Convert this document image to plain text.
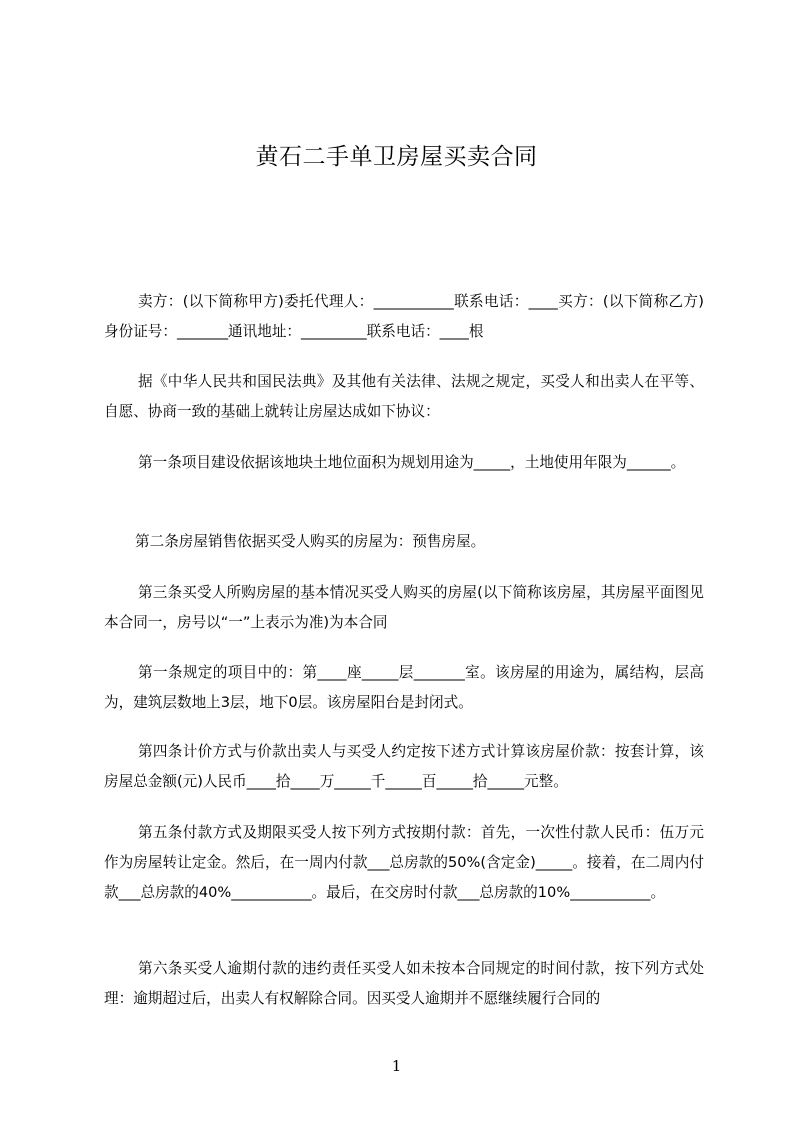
黄石二手单卫房屋买卖合同
卖方：(以下简称甲方)委托代理人：___________联系电话：____买方：(以下简称乙方)身份证号：_______通讯地址：_________联系电话：____根
据《中华人民共和国民法典》及其他有关法律、法规之规定，买受人和出卖人在平等、自愿、协商一致的基础上就转让房屋达成如下协议：
第一条项目建设依据该地块土地位面积为规划用途为_____，土地使用年限为______。
第二条房屋销售依据买受人购买的房屋为：预售房屋。
第三条买受人所购房屋的基本情况买受人购买的房屋(以下简称该房屋，其房屋平面图见本合同一，房号以“一”上表示为准)为本合同
第一条规定的项目中的：第____座_____层_______室。该房屋的用途为，属结构，层高为，建筑层数地上3层，地下0层。该房屋阳台是封闭式。
第四条计价方式与价款出卖人与买受人约定按下述方式计算该房屋价款：按套计算，该房屋总金额(元)人民币____拾____万_____千_____百_____拾_____元整。
第五条付款方式及期限买受人按下列方式按期付款：首先，一次性付款人民币：伍万元作为房屋转让定金。然后，在一周内付款___总房款的50%(含定金)_____。接着，在二周内付款___总房款的40%___________。最后，在交房时付款___总房款的10%___________。
第六条买受人逾期付款的违约责任买受人如未按本合同规定的时间付款，按下列方式处理：逾期超过后，出卖人有权解除合同。因买受人逾期并不愿继续履行合同的
1
